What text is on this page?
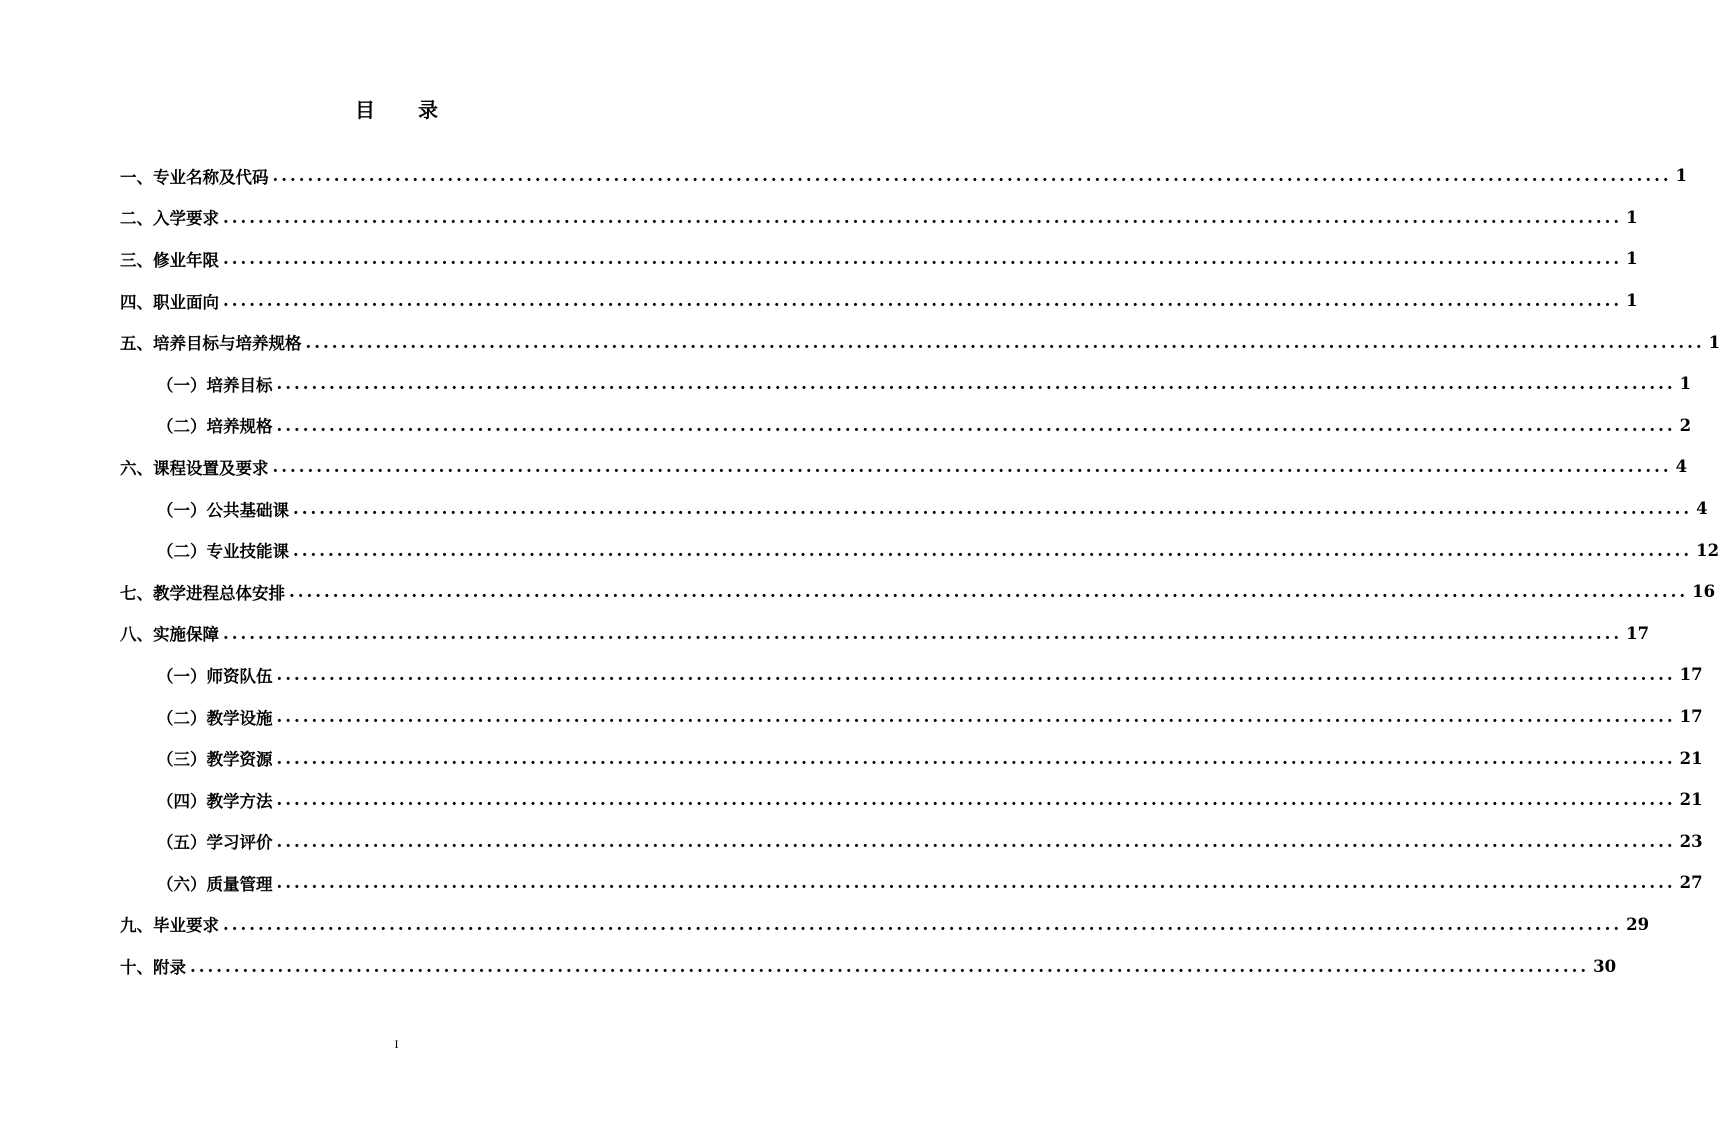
目 录
一、专业名称及代码 ................................................................................................................................................................ 1
二、入学要求 ................................................................................................................................................................ 1
三、修业年限 ................................................................................................................................................................ 1
四、职业面向 ................................................................................................................................................................ 1
五、培养目标与培养规格 ................................................................................................................................................................ 1
（一）培养目标 ................................................................................................................................................................ 1
（二）培养规格 ................................................................................................................................................................ 2
六、课程设置及要求 ................................................................................................................................................................ 4
（一）公共基础课 ................................................................................................................................................................ 4
（二）专业技能课 ................................................................................................................................................................ 12
七、教学进程总体安排 ................................................................................................................................................................ 16
八、实施保障 ................................................................................................................................................................ 17
（一）师资队伍 ................................................................................................................................................................ 17
（二）教学设施 ................................................................................................................................................................ 17
（三）教学资源 ................................................................................................................................................................ 21
（四）教学方法 ................................................................................................................................................................ 21
（五）学习评价 ................................................................................................................................................................ 23
（六）质量管理 ................................................................................................................................................................ 27
九、毕业要求 ................................................................................................................................................................ 29
十、附录 ................................................................................................................................................................ 30
I
